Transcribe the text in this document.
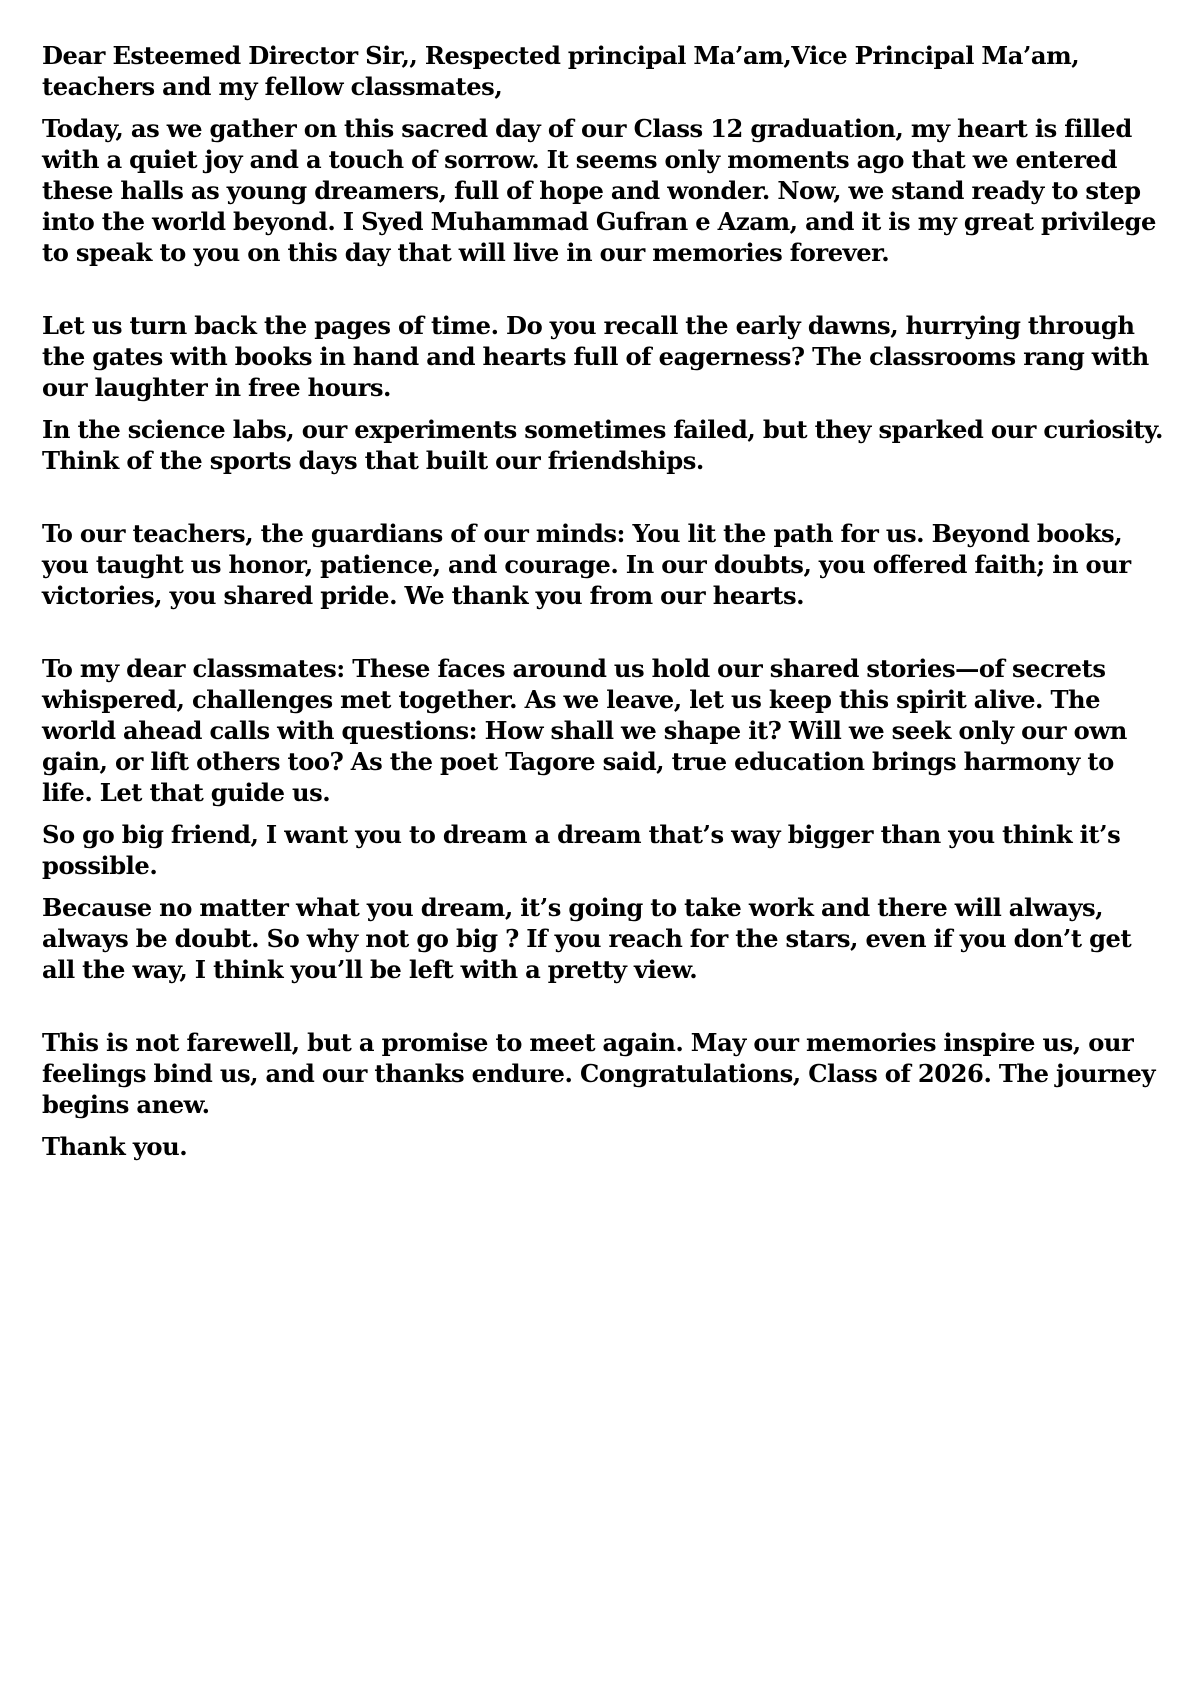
Dear Esteemed Director Sir,, Respected principal Ma’am,Vice Principal Ma’am, teachers and my fellow classmates,

Today, as we gather on this sacred day of our Class 12 graduation, my heart is filled with a quiet joy and a touch of sorrow. It seems only moments ago that we entered these halls as young dreamers, full of hope and wonder. Now, we stand ready to step into the world beyond. I Syed Muhammad Gufran e Azam, and it is my great privilege to speak to you on this day that will live in our memories forever.

Let us turn back the pages of time. Do you recall the early dawns, hurrying through the gates with books in hand and hearts full of eagerness? The classrooms rang with our laughter in free hours.

In the science labs, our experiments sometimes failed, but they sparked our curiosity. Think of the sports days that built our friendships.

To our teachers, the guardians of our minds: You lit the path for us. Beyond books, you taught us honor, patience, and courage. In our doubts, you offered faith; in our victories, you shared pride. We thank you from our hearts.

To my dear classmates: These faces around us hold our shared stories—of secrets whispered, challenges met together. As we leave, let us keep this spirit alive. The world ahead calls with questions: How shall we shape it? Will we seek only our own gain, or lift others too? As the poet Tagore said, true education brings harmony to life. Let that guide us.

So go big friend, I want you to dream a dream that’s way bigger than you think it’s possible.

Because no matter what you dream, it’s going to take work and there will always, always be doubt. So why not go big ? If you reach for the stars, even if you don’t get all the way, I think you’ll be left with a pretty view.

This is not farewell, but a promise to meet again. May our memories inspire us, our feelings bind us, and our thanks endure. Congratulations, Class of 2026. The journey begins anew.

Thank you.
